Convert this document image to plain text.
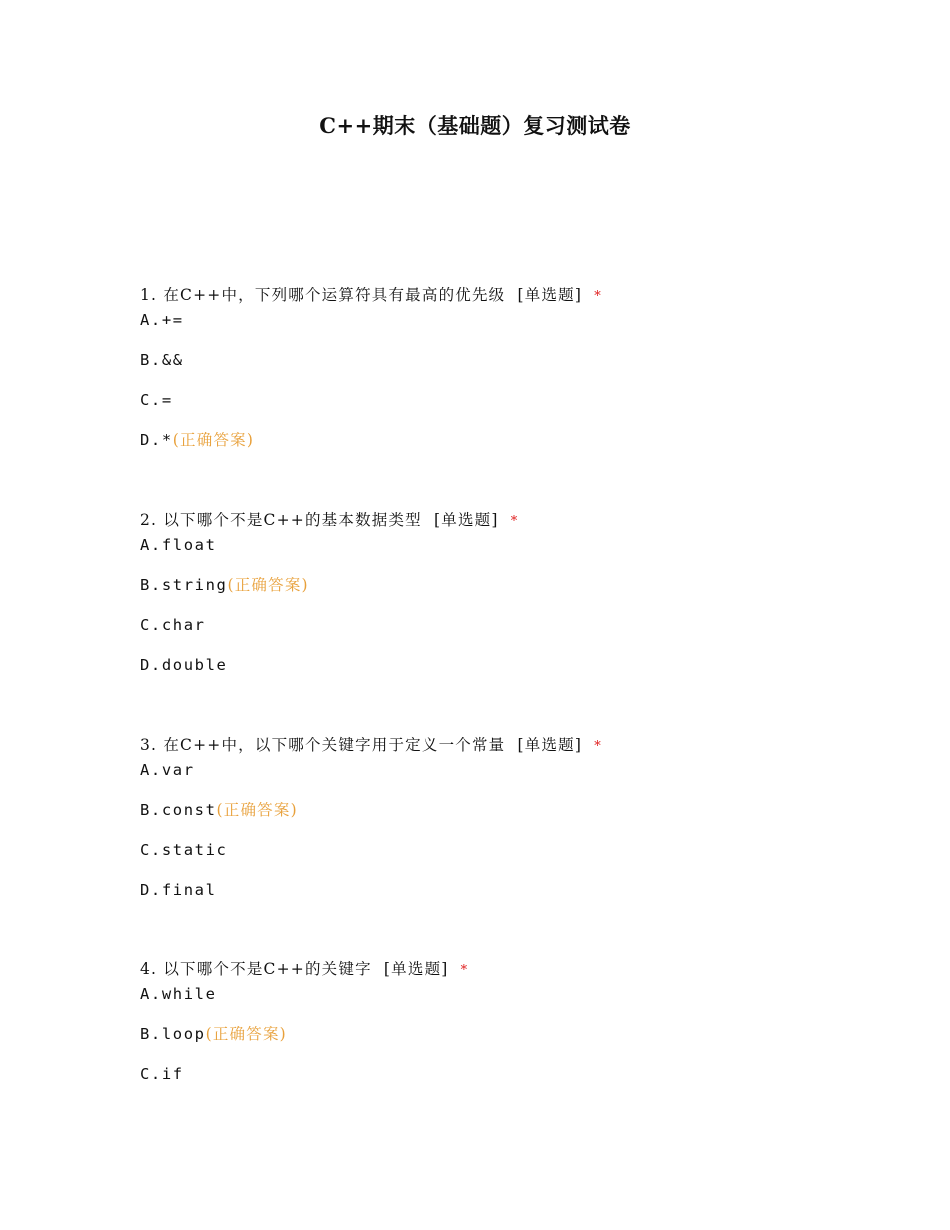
C++期末（基础题）复习测试卷
1. 在C++中，下列哪个运算符具有最高的优先级 [单选题] *
A.+=
B.&&
C.=
D.*(正确答案)
2. 以下哪个不是C++的基本数据类型 [单选题] *
A.float
B.string(正确答案)
C.char
D.double
3. 在C++中，以下哪个关键字用于定义一个常量 [单选题] *
A.var
B.const(正确答案)
C.static
D.final
4. 以下哪个不是C++的关键字 [单选题] *
A.while
B.loop(正确答案)
C.if
